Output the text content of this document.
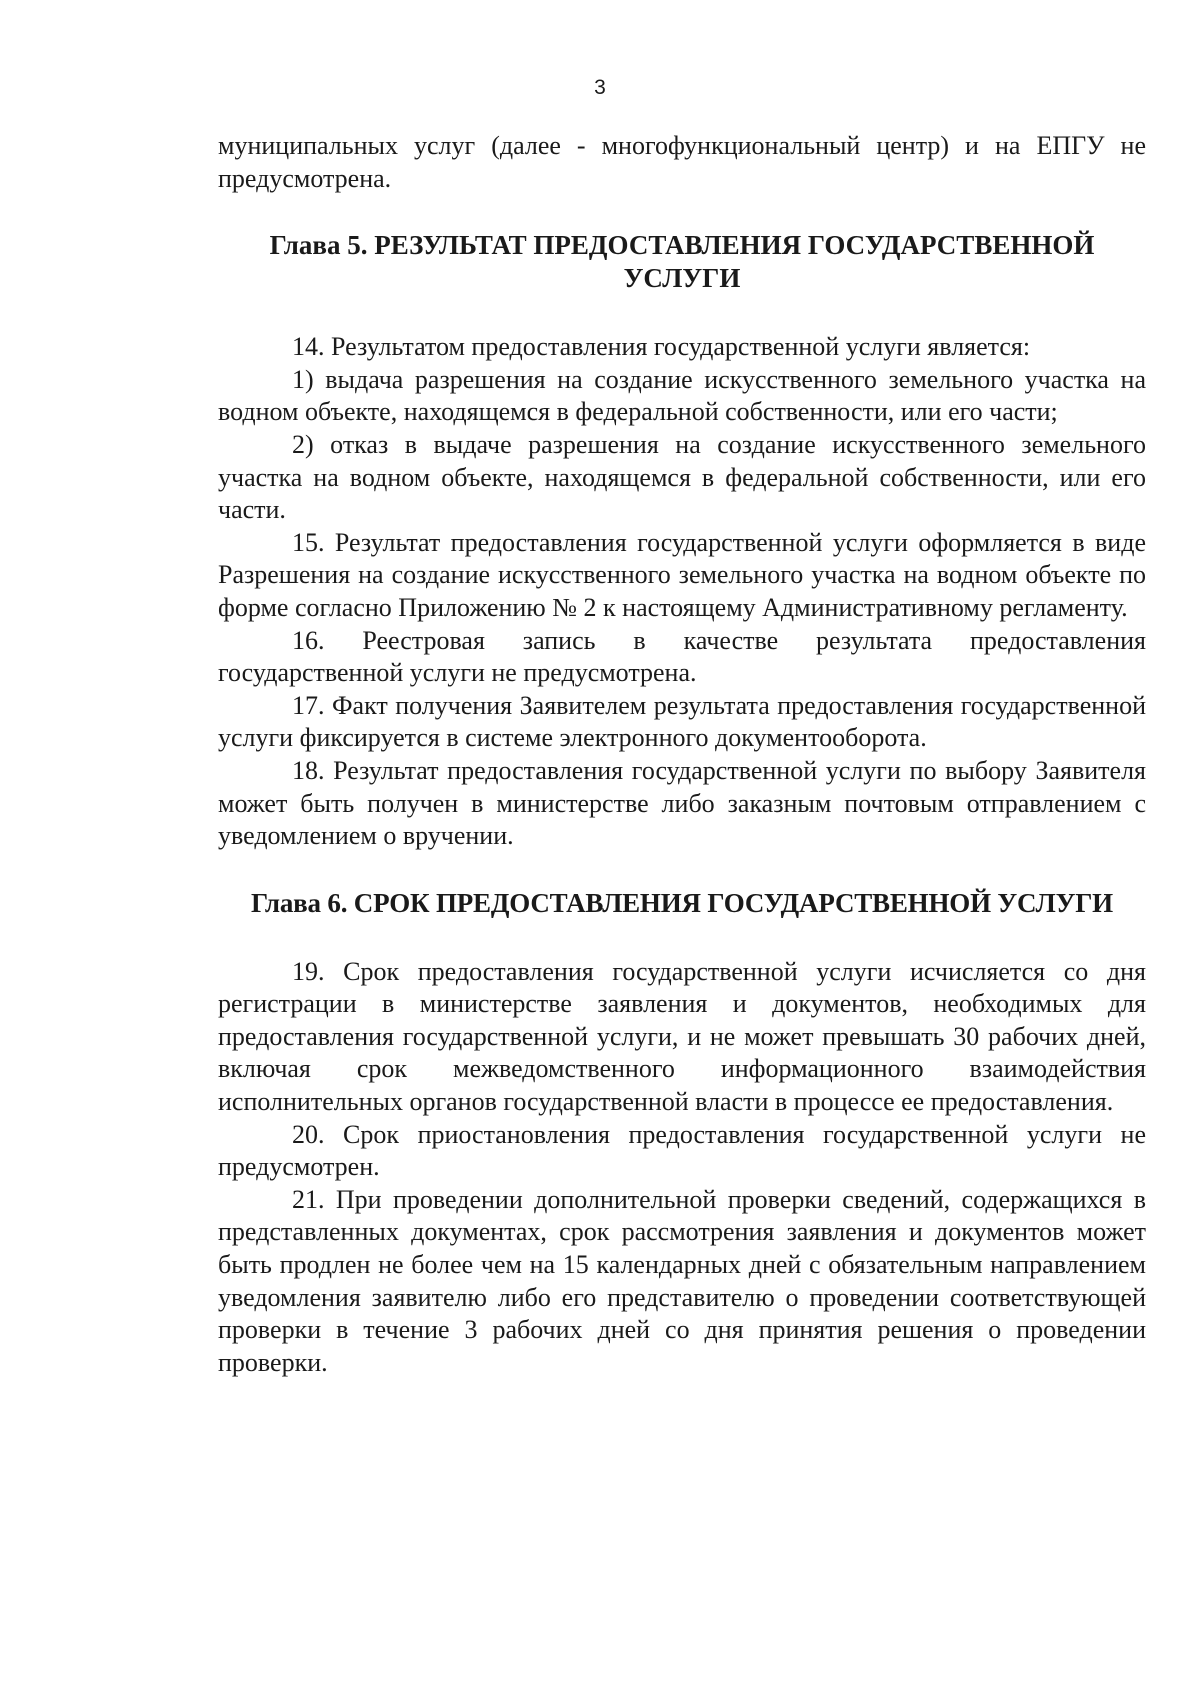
3

муниципальных услуг (далее - многофункциональный центр) и на ЕПГУ не предусмотрена.

Глава 5. РЕЗУЛЬТАТ ПРЕДОСТАВЛЕНИЯ ГОСУДАРСТВЕННОЙ УСЛУГИ

14. Результатом предоставления государственной услуги является:

1) выдача разрешения на создание искусственного земельного участка на водном объекте, находящемся в федеральной собственности, или его части;

2) отказ в выдаче разрешения на создание искусственного земельного участка на водном объекте, находящемся в федеральной собственности, или его части.

15. Результат предоставления государственной услуги оформляется в виде Разрешения на создание искусственного земельного участка на водном объекте по форме согласно Приложению № 2 к настоящему Административному регламенту.

16. Реестровая запись в качестве результата предоставления государственной услуги не предусмотрена.

17. Факт получения Заявителем результата предоставления государственной услуги фиксируется в системе электронного документооборота.

18. Результат предоставления государственной услуги по выбору Заявителя может быть получен в министерстве либо заказным почтовым отправлением с уведомлением о вручении.

Глава 6. СРОК ПРЕДОСТАВЛЕНИЯ ГОСУДАРСТВЕННОЙ УСЛУГИ

19. Срок предоставления государственной услуги исчисляется со дня регистрации в министерстве заявления и документов, необходимых для предоставления государственной услуги, и не может превышать 30 рабочих дней, включая срок межведомственного информационного взаимодействия исполнительных органов государственной власти в процессе ее предоставления.

20. Срок приостановления предоставления государственной услуги не предусмотрен.

21. При проведении дополнительной проверки сведений, содержащихся в представленных документах, срок рассмотрения заявления и документов может быть продлен не более чем на 15 календарных дней с обязательным направлением уведомления заявителю либо его представителю о проведении соответствующей проверки в течение 3 рабочих дней со дня принятия решения о проведении проверки.
